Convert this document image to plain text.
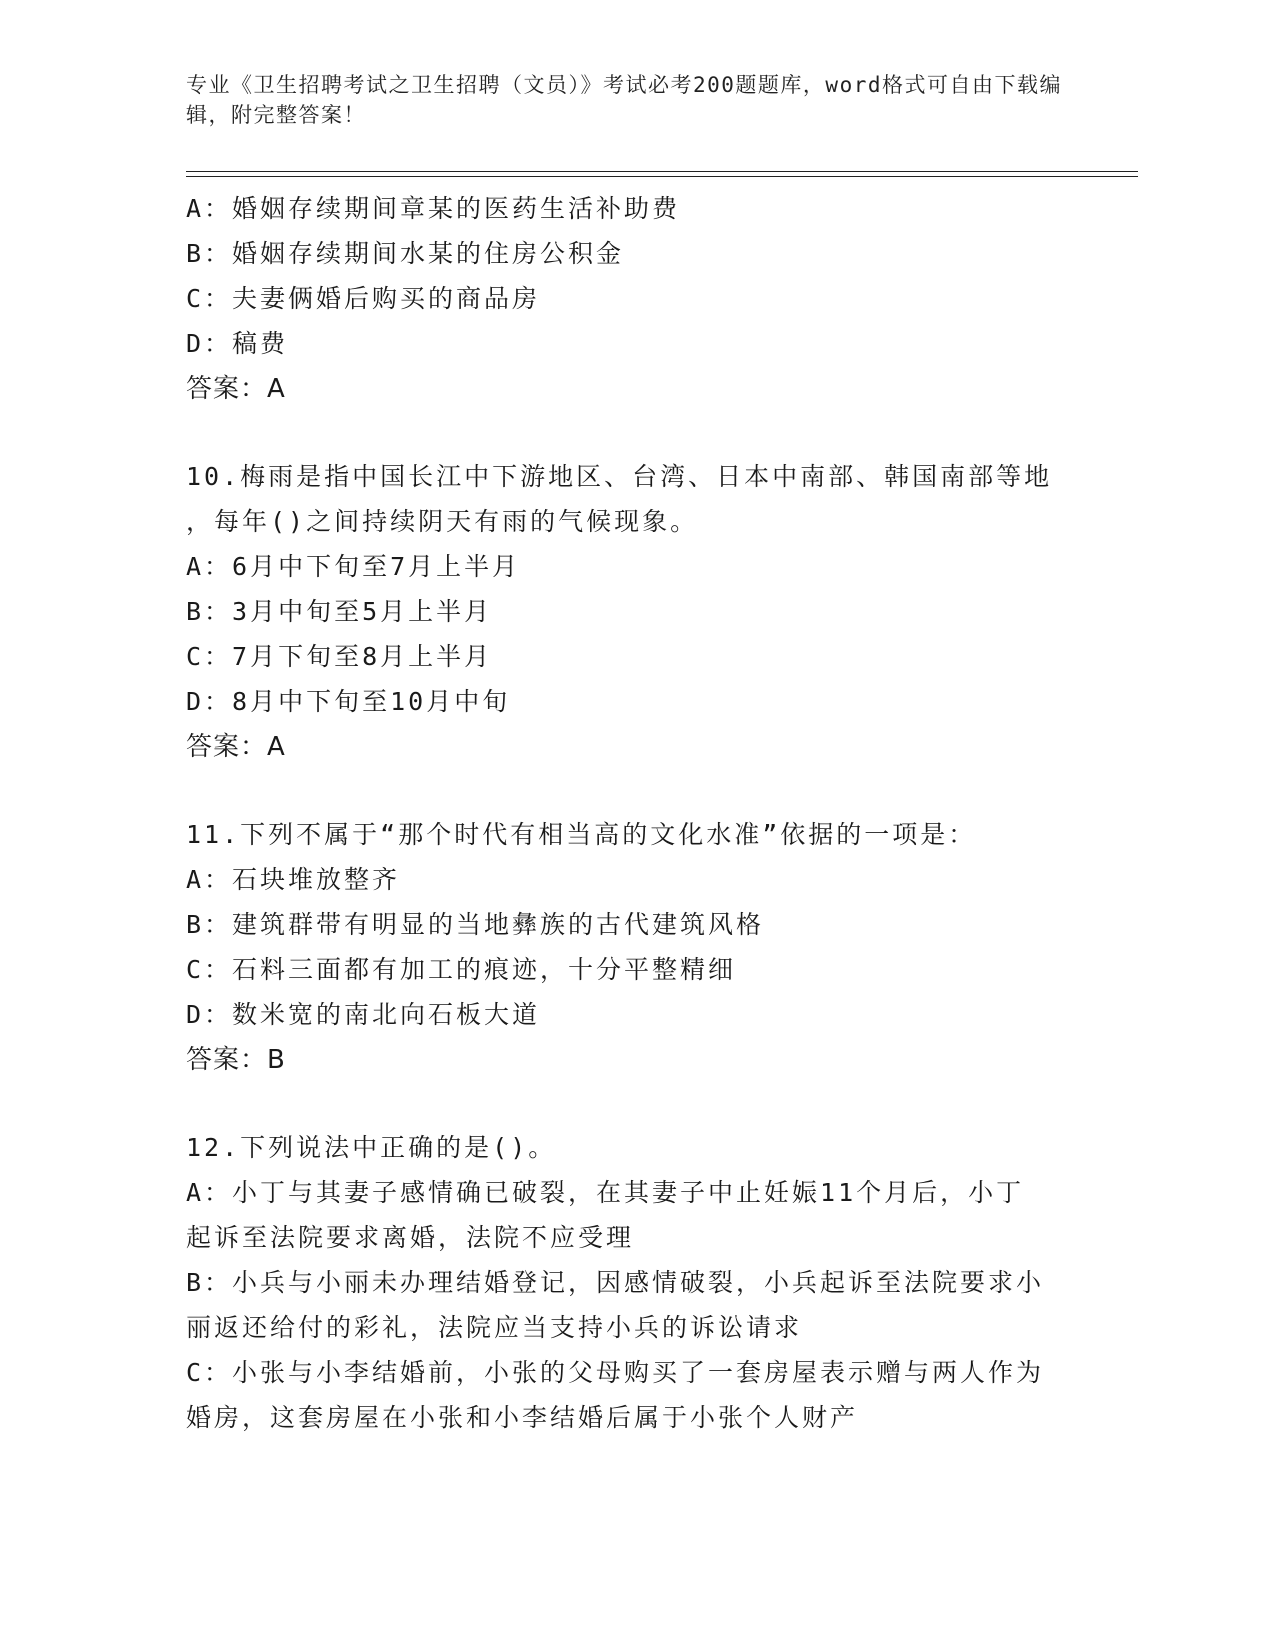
专业《卫生招聘考试之卫生招聘（文员）》考试必考200题题库，word格式可自由下载编辑，附完整答案！
A：婚姻存续期间章某的医药生活补助费
B：婚姻存续期间水某的住房公积金
C：夫妻俩婚后购买的商品房
D：稿费
答案：A
10.梅雨是指中国长江中下游地区、台湾、日本中南部、韩国南部等地
，每年()之间持续阴天有雨的气候现象。
A：6月中下旬至7月上半月
B：3月中旬至5月上半月
C：7月下旬至8月上半月
D：8月中下旬至10月中旬
答案：A
11.下列不属于“那个时代有相当高的文化水准”依据的一项是：
A：石块堆放整齐
B：建筑群带有明显的当地彝族的古代建筑风格
C：石料三面都有加工的痕迹，十分平整精细
D：数米宽的南北向石板大道
答案：B
12.下列说法中正确的是()。
A：小丁与其妻子感情确已破裂，在其妻子中止妊娠11个月后，小丁
起诉至法院要求离婚，法院不应受理
B：小兵与小丽未办理结婚登记，因感情破裂，小兵起诉至法院要求小
丽返还给付的彩礼，法院应当支持小兵的诉讼请求
C：小张与小李结婚前，小张的父母购买了一套房屋表示赠与两人作为
婚房，这套房屋在小张和小李结婚后属于小张个人财产
